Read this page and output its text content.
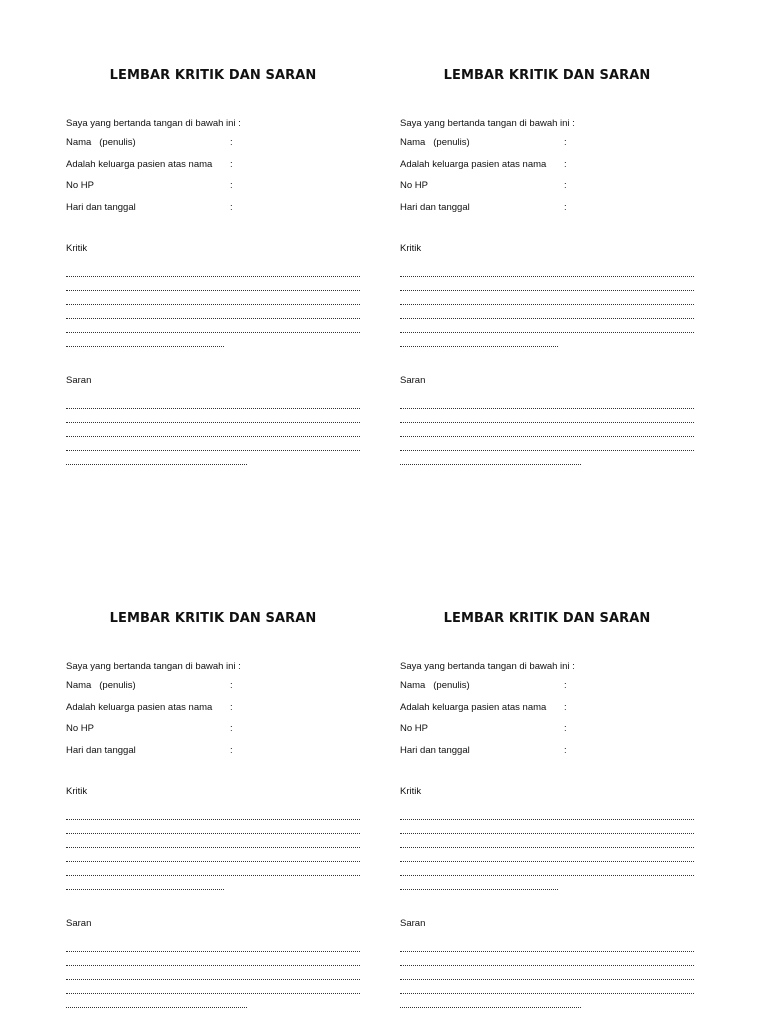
LEMBAR KRITIK DAN SARAN
Saya yang bertanda tangan di bawah ini :
Nama   (penulis)	:
Adalah keluarga pasien atas nama :
No HP	:
Hari dan tanggal	:
Kritik
Saran
LEMBAR KRITIK DAN SARAN
Saya yang bertanda tangan di bawah ini :
Nama   (penulis)	:
Adalah keluarga pasien atas nama :
No HP	:
Hari dan tanggal	:
Kritik
Saran
LEMBAR KRITIK DAN SARAN
Saya yang bertanda tangan di bawah ini :
Nama   (penulis)	:
Adalah keluarga pasien atas nama :
No HP	:
Hari dan tanggal	:
Kritik
Saran
LEMBAR KRITIK DAN SARAN
Saya yang bertanda tangan di bawah ini :
Nama   (penulis)	:
Adalah keluarga pasien atas nama :
No HP	:
Hari dan tanggal	:
Kritik
Saran
